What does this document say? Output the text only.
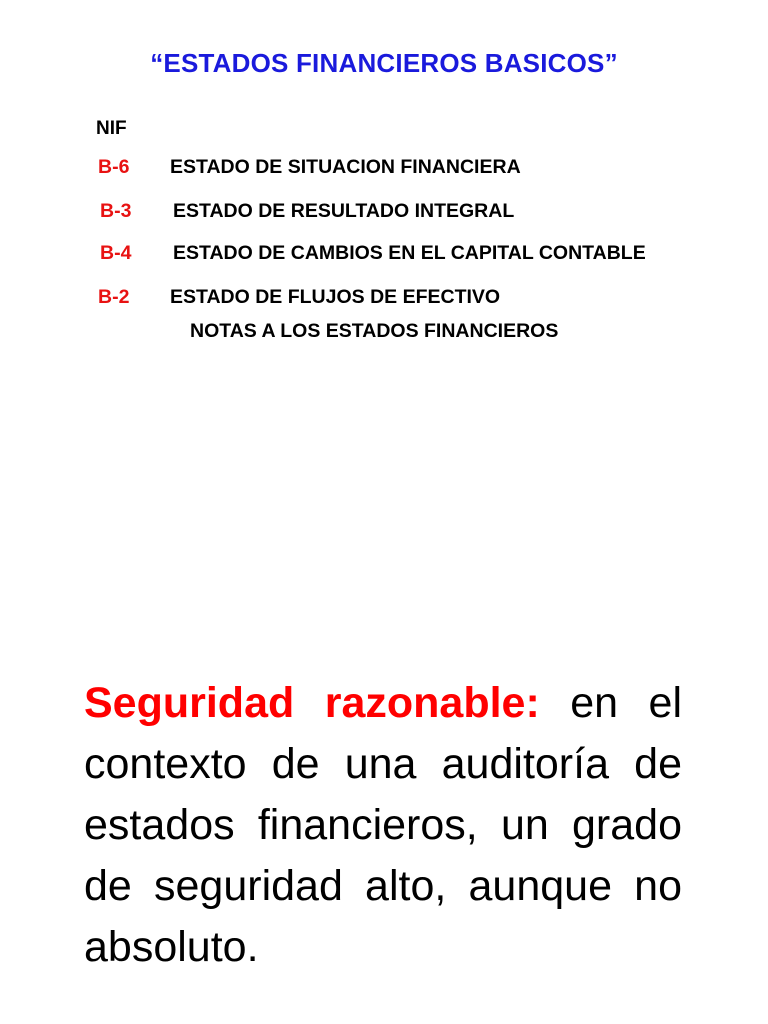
“ESTADOS FINANCIEROS BASICOS”
NIF
B-6 ESTADO DE SITUACION FINANCIERA
B-3 ESTADO DE RESULTADO INTEGRAL
B-4 ESTADO DE CAMBIOS EN EL CAPITAL CONTABLE
B-2 ESTADO DE FLUJOS DE EFECTIVO
NOTAS A LOS ESTADOS FINANCIEROS
Seguridad razonable: en el contexto de una auditoría de estados financieros, un grado de seguridad alto, aunque no absoluto.
